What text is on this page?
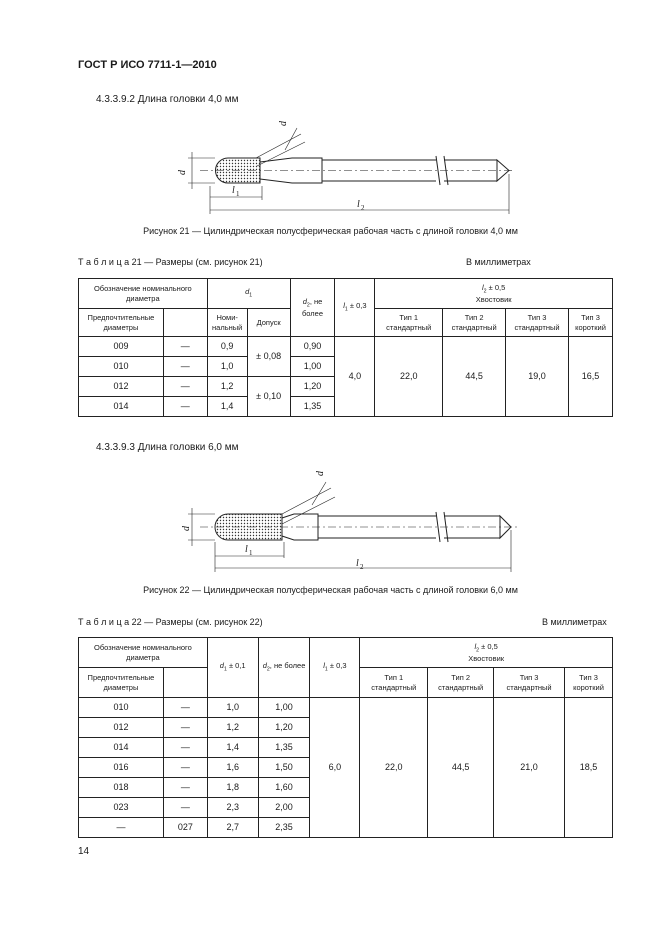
ГОСТ Р ИСО 7711-1—2010
4.3.3.9.2 Длина головки 4,0 мм
d
d
l 1
l 2
Рисунок 21 — Цилиндрическая полусферическая рабочая часть с длиной головки 4,0 мм
Т а б л и ц а 21 — Размеры (см. рисунок 21)	В миллиметрах
Обозначение номинального диаметра		$d_1$		$d_2$, не более	$l_1 \pm 0,3$	$l_2 \pm 0,5$
Хвостовик			
Предпочтительные диаметры		Номи-нальный	Допуск			Тип 1 стандартный	Тип 2 стандартный	Тип 3 стандартный	Тип 3 короткий
009	—	0,9	± 0,08	0,90	4,0	22,0	44,5	19,0	16,5
010	—	1,0		1,00					
012	—	1,2	± 0,10	1,20					
014	—	1,4		1,35					
4.3.3.9.3 Длина головки 6,0 мм
d
d
l 1
l 2
Рисунок 22 — Цилиндрическая полусферическая рабочая часть с длиной головки 6,0 мм
Т а б л и ц а 22 — Размеры (см. рисунок 22)	В миллиметрах
Обозначение номинального диаметра		$d_1 \pm 0,1$	$d_2$, не более	$l_1 \pm 0,3$	$l_2 \pm 0,5$
Хвостовик			
Предпочтительные диаметры					Тип 1 стандартный	Тип 2 стандартный	Тип 3 стандартный	Тип 3 короткий
010	—	1,0	1,00	6,0	22,0	44,5	21,0	18,5
012	—	1,2	1,20					
014	—	1,4	1,35					
016	—	1,6	1,50					
018	—	1,8	1,60					
023	—	2,3	2,00					
—	027	2,7	2,35					
14
